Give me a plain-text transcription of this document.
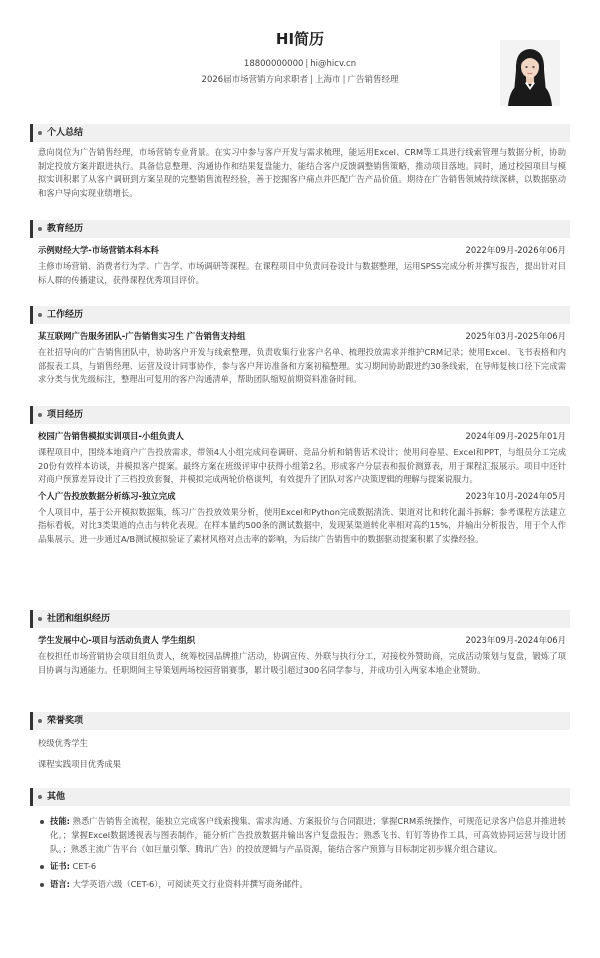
HI简历
18800000000 | hi@hicv.cn
2026届市场营销方向求职者 | 上海市 | 广告销售经理
个人总结
意向岗位为广告销售经理，市场营销专业背景。在实习中参与客户开发与需求梳理，能运用Excel、CRM等工具进行线索管理与数据分析，协助制定投放方案并跟进执行。具备信息整理、沟通协作和结果复盘能力，能结合客户反馈调整销售策略，推动项目落地。同时，通过校园项目与模拟实训积累了从客户调研到方案呈现的完整销售流程经验，善于挖掘客户痛点并匹配广告产品价值。期待在广告销售领域持续深耕，以数据驱动和客户导向实现业绩增长。
教育经历
示例财经大学-市场营销本科本科	2022年09月-2026年06月
主修市场营销、消费者行为学、广告学、市场调研等课程。在课程项目中负责问卷设计与数据整理，运用SPSS完成分析并撰写报告，提出针对目标人群的传播建议，获得课程优秀项目评价。
工作经历
某互联网广告服务团队-广告销售实习生 广告销售支持组	2025年03月-2025年06月
在社招导向的广告销售团队中，协助客户开发与线索整理，负责收集行业客户名单、梳理投放需求并维护CRM记录；使用Excel、飞书表格和内部报表工具，与销售经理、运营及设计同事协作，参与客户拜访准备和方案初稿整理。实习期间协助跟进约30条线索，在导师复核口径下完成需求分类与优先级标注，整理出可复用的客户沟通清单，帮助团队缩短前期资料准备时间。
项目经历
校园广告销售模拟实训项目-小组负责人	2024年09月-2025年01月
课程项目中，围绕本地商户广告投放需求，带领4人小组完成问卷调研、竞品分析和销售话术设计；使用问卷星、Excel和PPT，与组员分工完成20份有效样本访谈，并模拟客户提案。最终方案在班级评审中获得小组第2名，形成客户分层表和报价测算表，用于课程汇报展示。项目中还针对商户预算差异设计了三档投放套餐，并模拟完成两轮价格谈判，有效提升了团队对客户决策逻辑的理解与提案说服力。
个人广告投放数据分析练习-独立完成	2023年10月-2024年05月
个人项目中，基于公开模拟数据集，练习广告投放效果分析，使用Excel和Python完成数据清洗、渠道对比和转化漏斗拆解；参考课程方法建立指标看板，对比3类渠道的点击与转化表现。在样本量约500条的测试数据中，发现某渠道转化率相对高约15%，并输出分析报告，用于个人作品集展示。进一步通过A/B测试模拟验证了素材风格对点击率的影响，为后续广告销售中的数据驱动提案积累了实操经验。
社团和组织经历
学生发展中心-项目与活动负责人 学生组织	2023年09月-2024年06月
在校担任市场营销协会项目组负责人，统筹校园品牌推广活动，协调宣传、外联与执行分工，对接校外赞助商，完成活动策划与复盘，锻炼了项目协调与沟通能力。任职期间主导策划两场校园营销赛事，累计吸引超过300名同学参与，并成功引入两家本地企业赞助。
荣誉奖项
校级优秀学生
课程实践项目优秀成果
其他
技能: 熟悉广告销售全流程，能独立完成客户线索搜集、需求沟通、方案报价与合同跟进；掌握CRM系统操作，可规范记录客户信息并推进转化。；掌握Excel数据透视表与图表制作，能分析广告投放数据并输出客户复盘报告；熟悉飞书、钉钉等协作工具，可高效协同运营与设计团队。；熟悉主流广告平台（如巨量引擎、腾讯广告）的投放逻辑与产品资源，能结合客户预算与目标制定初步媒介组合建议。
证书: CET-6
语言: 大学英语六级（CET-6），可阅读英文行业资料并撰写商务邮件。
